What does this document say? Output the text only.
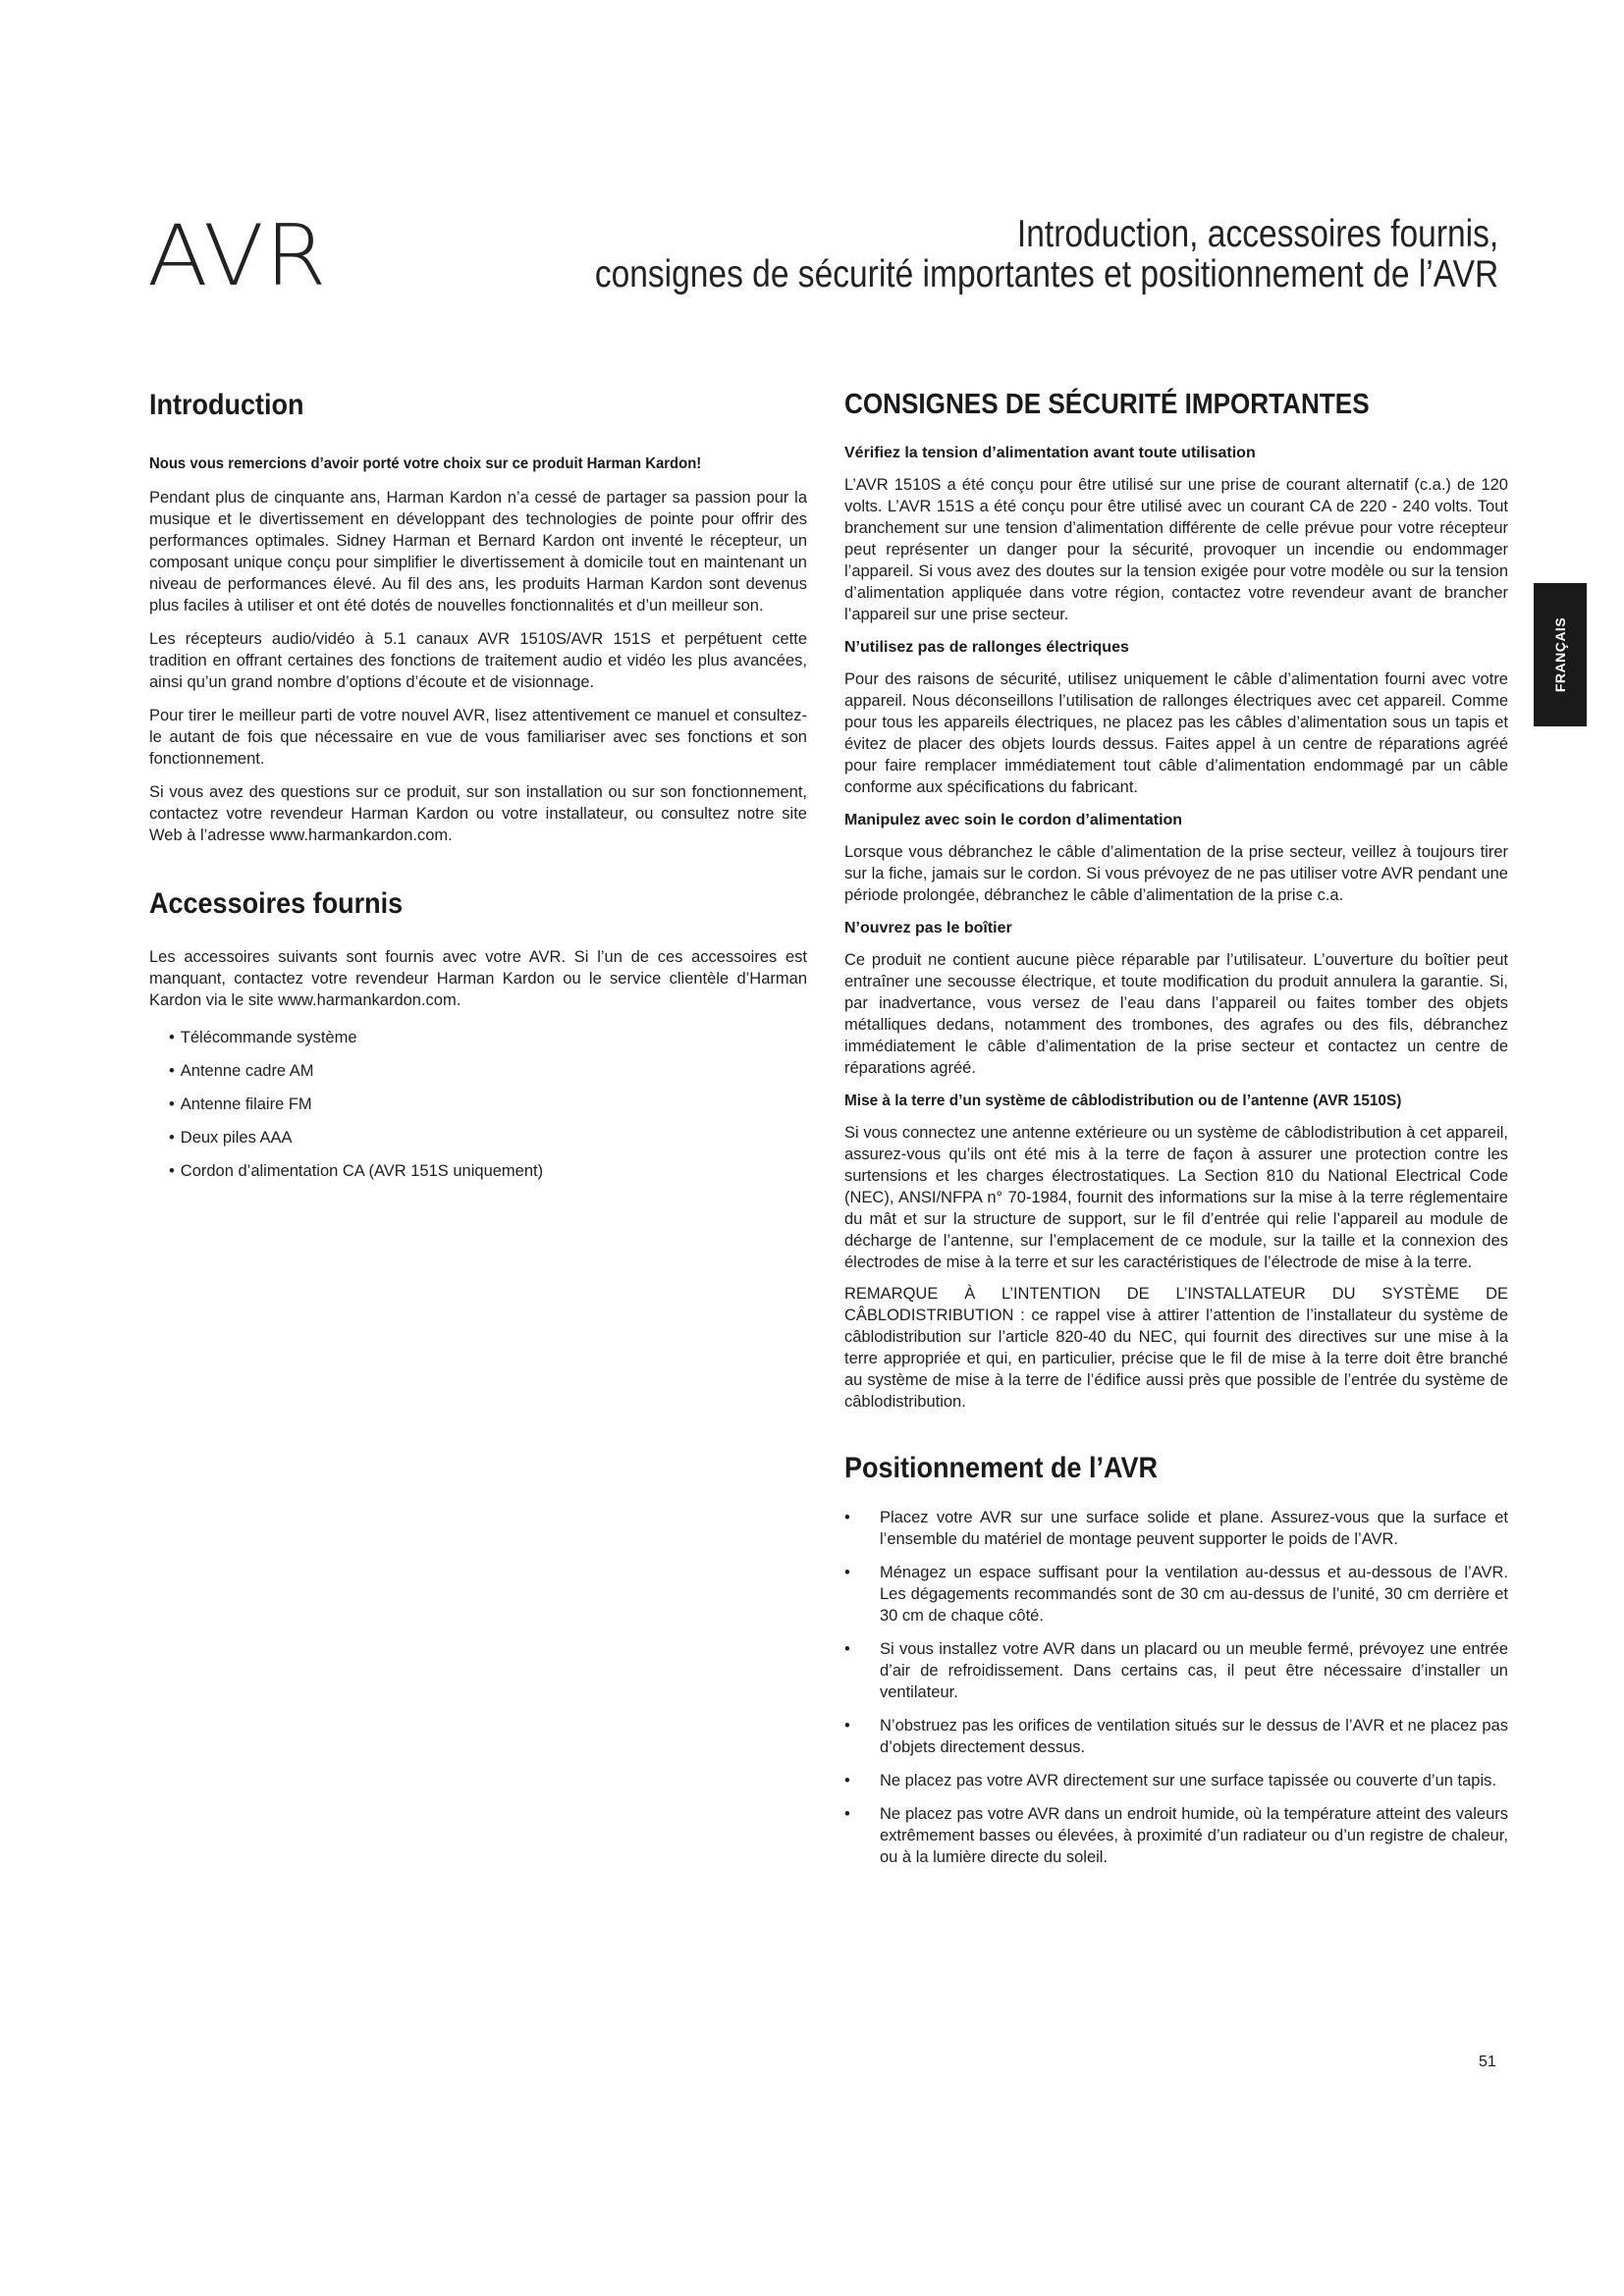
AVR	Introduction, accessoires fournis,
consignes de sécurité importantes et positionnement de l’AVR
FRANÇAIS
Introduction
Nous vous remercions d’avoir porté votre choix sur ce produit Harman Kardon!

Pendant plus de cinquante ans, Harman Kardon n’a cessé de partager sa passion pour la musique et le divertissement en développant des technologies de pointe pour offrir des performances optimales. Sidney Harman et Bernard Kardon ont inventé le récepteur, un composant unique conçu pour simplifier le divertissement à domicile tout en maintenant un niveau de performances élevé. Au fil des ans, les produits Harman Kardon sont devenus plus faciles à utiliser et ont été dotés de nouvelles fonctionnalités et d’un meilleur son.

Les récepteurs audio/vidéo à 5.1 canaux AVR 1510S/AVR 151S et perpétuent cette tradition en offrant certaines des fonctions de traitement audio et vidéo les plus avancées, ainsi qu’un grand nombre d’options d’écoute et de visionnage.

Pour tirer le meilleur parti de votre nouvel AVR, lisez attentivement ce manuel et consultez-le autant de fois que nécessaire en vue de vous familiariser avec ses fonctions et son fonctionnement.

Si vous avez des questions sur ce produit, sur son installation ou sur son fonctionnement, contactez votre revendeur Harman Kardon ou votre installateur, ou consultez notre site Web à l’adresse www.harmankardon.com.

Accessoires fournis

Les accessoires suivants sont fournis avec votre AVR. Si l’un de ces accessoires est manquant, contactez votre revendeur Harman Kardon ou le service clientèle d’Harman Kardon via le site www.harmankardon.com.

• Télécommande système
• Antenne cadre AM
• Antenne filaire FM
• Deux piles AAA
• Cordon d’alimentation CA (AVR 151S uniquement)
CONSIGNES DE SÉCURITÉ IMPORTANTES
Vérifiez la tension d’alimentation avant toute utilisation

L’AVR 1510S a été conçu pour être utilisé sur une prise de courant alternatif (c.a.) de 120 volts. L’AVR 151S a été conçu pour être utilisé avec un courant CA de 220 - 240 volts. Tout branchement sur une tension d’alimentation différente de celle prévue pour votre récepteur peut représenter un danger pour la sécurité, provoquer un incendie ou endommager l’appareil. Si vous avez des doutes sur la tension exigée pour votre modèle ou sur la tension d’alimentation appliquée dans votre région, contactez votre revendeur avant de brancher l’appareil sur une prise secteur.

N’utilisez pas de rallonges électriques

Pour des raisons de sécurité, utilisez uniquement le câble d’alimentation fourni avec votre appareil. Nous déconseillons l’utilisation de rallonges électriques avec cet appareil. Comme pour tous les appareils électriques, ne placez pas les câbles d’alimentation sous un tapis et évitez de placer des objets lourds dessus. Faites appel à un centre de réparations agréé pour faire remplacer immédiatement tout câble d’alimentation endommagé par un câble conforme aux spécifications du fabricant.

Manipulez avec soin le cordon d’alimentation

Lorsque vous débranchez le câble d’alimentation de la prise secteur, veillez à toujours tirer sur la fiche, jamais sur le cordon. Si vous prévoyez de ne pas utiliser votre AVR pendant une période prolongée, débranchez le câble d’alimentation de la prise c.a.

N’ouvrez pas le boîtier

Ce produit ne contient aucune pièce réparable par l’utilisateur. L’ouverture du boîtier peut entraîner une secousse électrique, et toute modification du produit annulera la garantie. Si, par inadvertance, vous versez de l’eau dans l’appareil ou faites tomber des objets métalliques dedans, notamment des trombones, des agrafes ou des fils, débranchez immédiatement le câble d’alimentation de la prise secteur et contactez un centre de réparations agréé.

Mise à la terre d’un système de câblodistribution ou de l’antenne (AVR 1510S)

Si vous connectez une antenne extérieure ou un système de câblodistribution à cet appareil, assurez-vous qu’ils ont été mis à la terre de façon à assurer une protection contre les surtensions et les charges électrostatiques. La Section 810 du National Electrical Code (NEC), ANSI/NFPA n° 70-1984, fournit des informations sur la mise à la terre réglementaire du mât et sur la structure de support, sur le fil d’entrée qui relie l’appareil au module de décharge de l’antenne, sur l’emplacement de ce module, sur la taille et la connexion des électrodes de mise à la terre et sur les caractéristiques de l’électrode de mise à la terre.

REMARQUE À L’INTENTION DE L’INSTALLATEUR DU SYSTÈME DE CÂBLODISTRIBUTION : ce rappel vise à attirer l’attention de l’installateur du système de câblodistribution sur l’article 820-40 du NEC, qui fournit des directives sur une mise à la terre appropriée et qui, en particulier, précise que le fil de mise à la terre doit être branché au système de mise à la terre de l’édifice aussi près que possible de l’entrée du système de câblodistribution.

Positionnement de l’AVR
• Placez votre AVR sur une surface solide et plane. Assurez-vous que la surface et l’ensemble du matériel de montage peuvent supporter le poids de l’AVR.
• Ménagez un espace suffisant pour la ventilation au-dessus et au-dessous de l’AVR. Les dégagements recommandés sont de 30 cm au-dessus de l’unité, 30 cm derrière et 30 cm de chaque côté.
• Si vous installez votre AVR dans un placard ou un meuble fermé, prévoyez une entrée d’air de refroidissement. Dans certains cas, il peut être nécessaire d’installer un ventilateur.
• N’obstruez pas les orifices de ventilation situés sur le dessus de l’AVR et ne placez pas d’objets directement dessus.
• Ne placez pas votre AVR directement sur une surface tapissée ou couverte d’un tapis.
• Ne placez pas votre AVR dans un endroit humide, où la température atteint des valeurs extrêmement basses ou élevées, à proximité d’un radiateur ou d’un registre de chaleur, ou à la lumière directe du soleil.
51
